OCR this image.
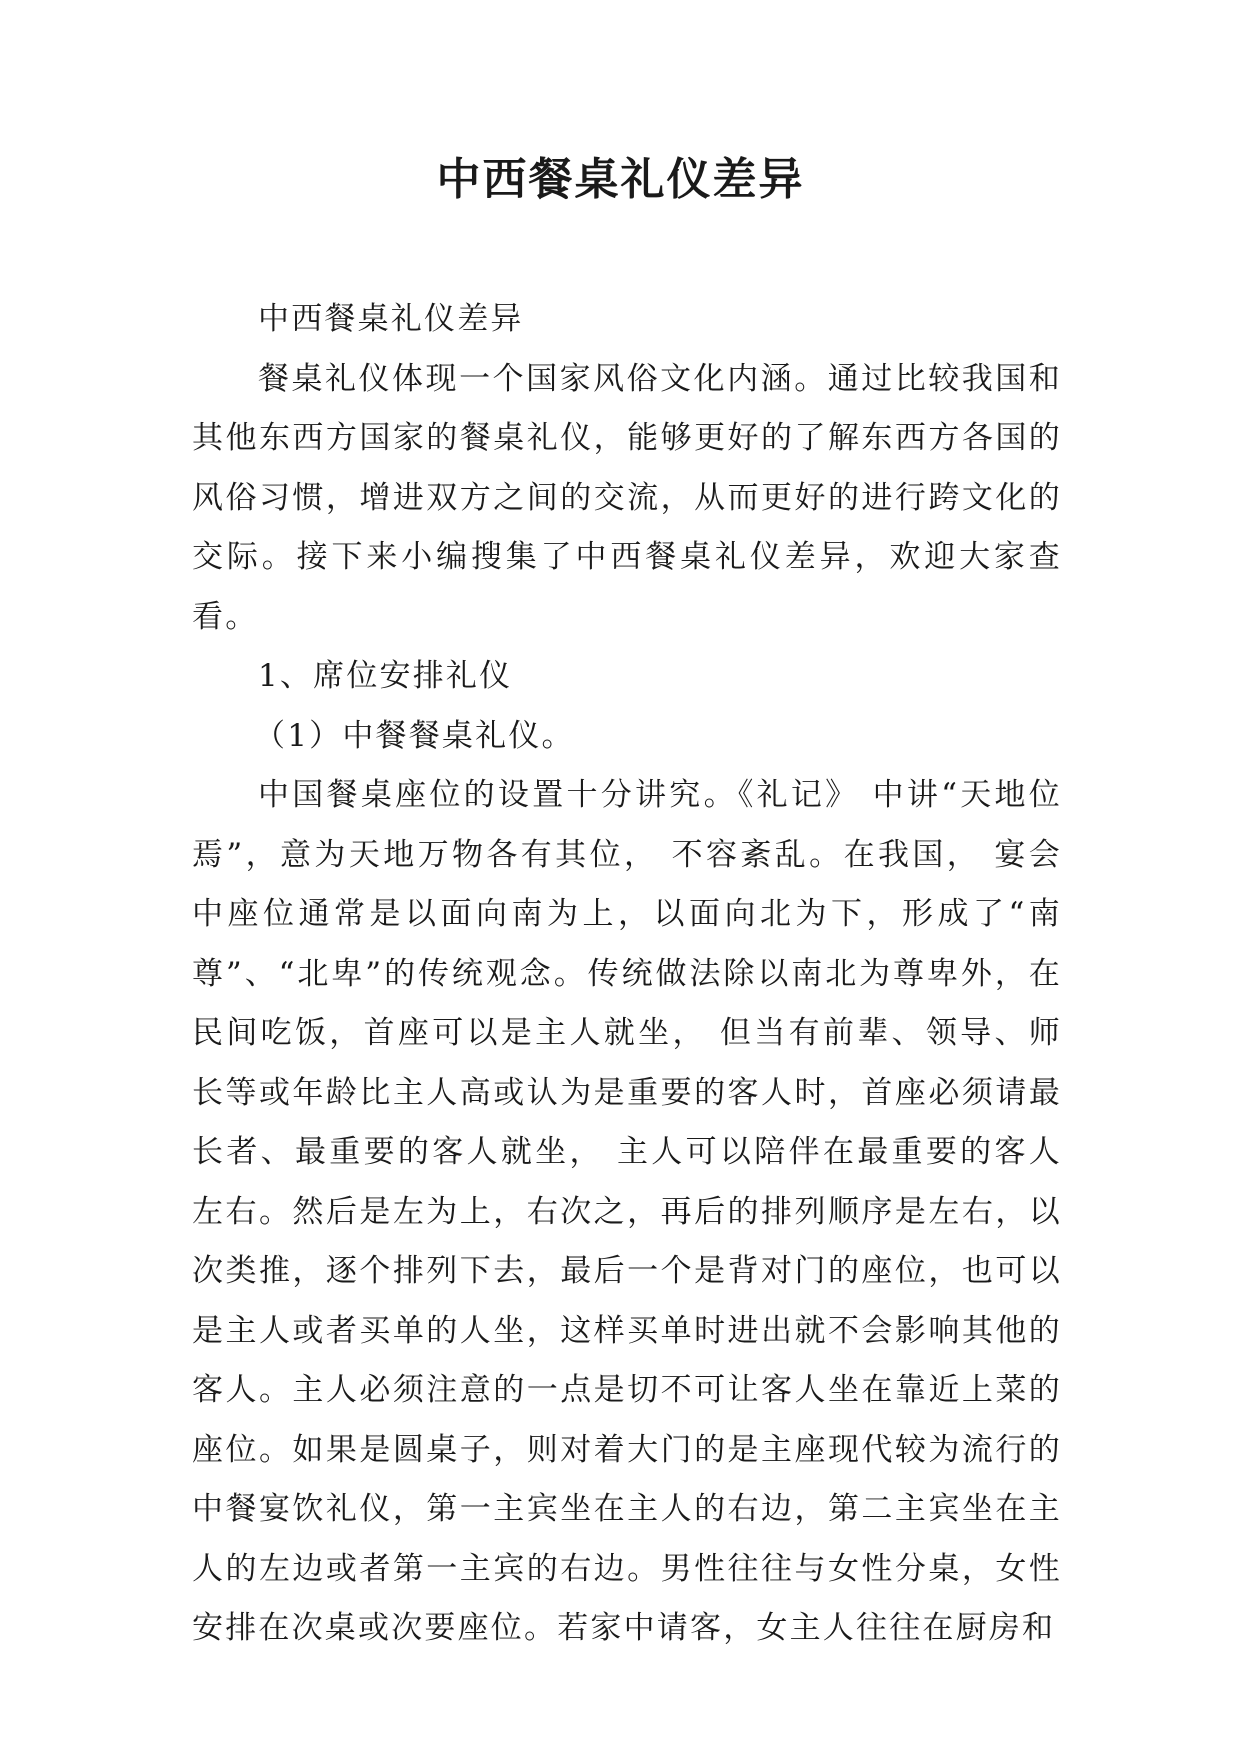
中西餐桌礼仪差异

中西餐桌礼仪差异

餐桌礼仪体现一个国家风俗文化内涵。通过比较我国和其他东西方国家的餐桌礼仪，能够更好的了解东西方各国的风俗习惯，增进双方之间的交流，从而更好的进行跨文化的交际。接下来小编搜集了中西餐桌礼仪差异，欢迎大家查看。

1、席位安排礼仪

（1）中餐餐桌礼仪。

中国餐桌座位的设置十分讲究。《礼记》 中讲“天地位焉”，意为天地万物各有其位， 不容紊乱。在我国， 宴会中座位通常是以面向南为上，以面向北为下，形成了“南尊”、“北卑”的传统观念。传统做法除以南北为尊卑外，在民间吃饭，首座可以是主人就坐， 但当有前辈、领导、师长等或年龄比主人高或认为是重要的客人时，首座必须请最长者、最重要的客人就坐， 主人可以陪伴在最重要的客人左右。然后是左为上，右次之，再后的排列顺序是左右，以次类推，逐个排列下去，最后一个是背对门的座位，也可以是主人或者买单的人坐，这样买单时进出就不会影响其他的客人。主人必须注意的一点是切不可让客人坐在靠近上菜的座位。如果是圆桌子，则对着大门的是主座现代较为流行的中餐宴饮礼仪，第一主宾坐在主人的右边，第二主宾坐在主人的左边或者第一主宾的右边。男性往往与女性分桌，女性安排在次桌或次要座位。若家中请客，女主人往往在厨房和
